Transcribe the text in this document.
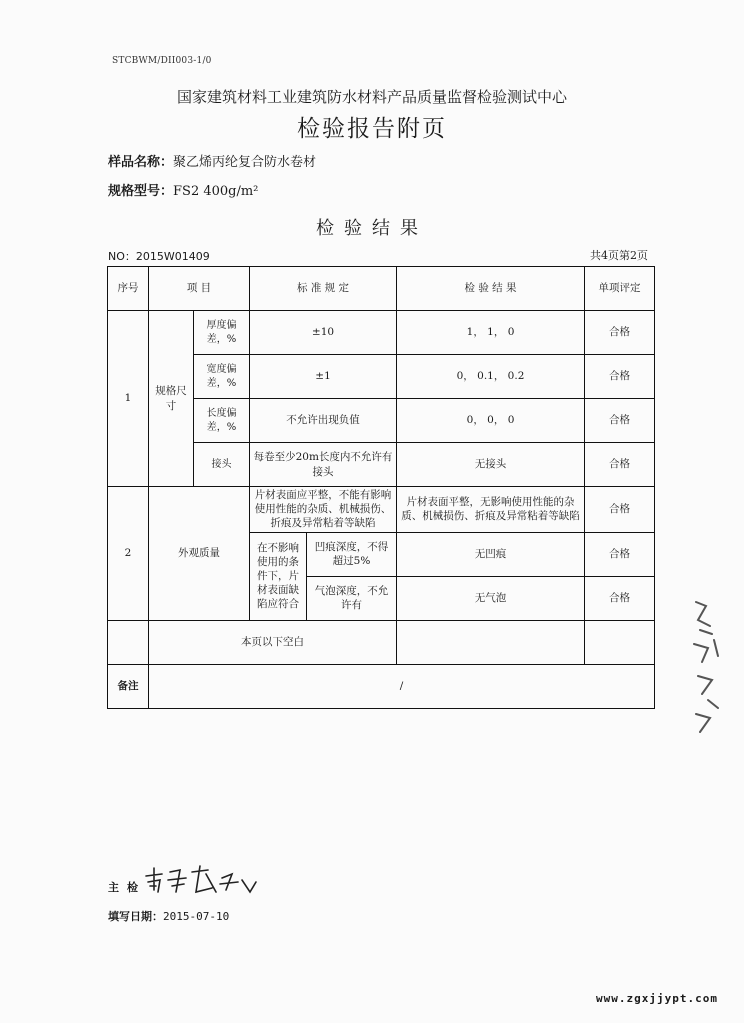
STCBWM/DII003-1/0
国家建筑材料工业建筑防水材料产品质量监督检验测试中心
检验报告附页
样品名称：聚乙烯丙纶复合防水卷材
规格型号：FS2 400g/m²
检验结果
NO：2015W01409	共4页第2页
序号	项 目		标 准 规 定		检 验 结 果	单项评定
1	规格尺寸	厚度偏差，%	±10		1， 1， 0	合格
		宽度偏差，%	±1		0， 0.1， 0.2	合格
		长度偏差，%	不允许出现负值		0， 0， 0	合格
		接头	每卷至少20m长度内不允许有接头		无接头	合格
2	外观质量		片材表面应平整，不能有影响使用性能的杂质、机械损伤、折痕及异常粘着等缺陷		片材表面平整，无影响使用性能的杂质、机械损伤、折痕及异常粘着等缺陷	合格
			在不影响使用的条件下，片材表面缺陷应符合	凹痕深度，不得超过5%	无凹痕	合格
				气泡深度，不允许有	无气泡	合格
	本页以下空白					
备注	/					
主检
填写日期：2015-07-10
www.zgxjjypt.com
